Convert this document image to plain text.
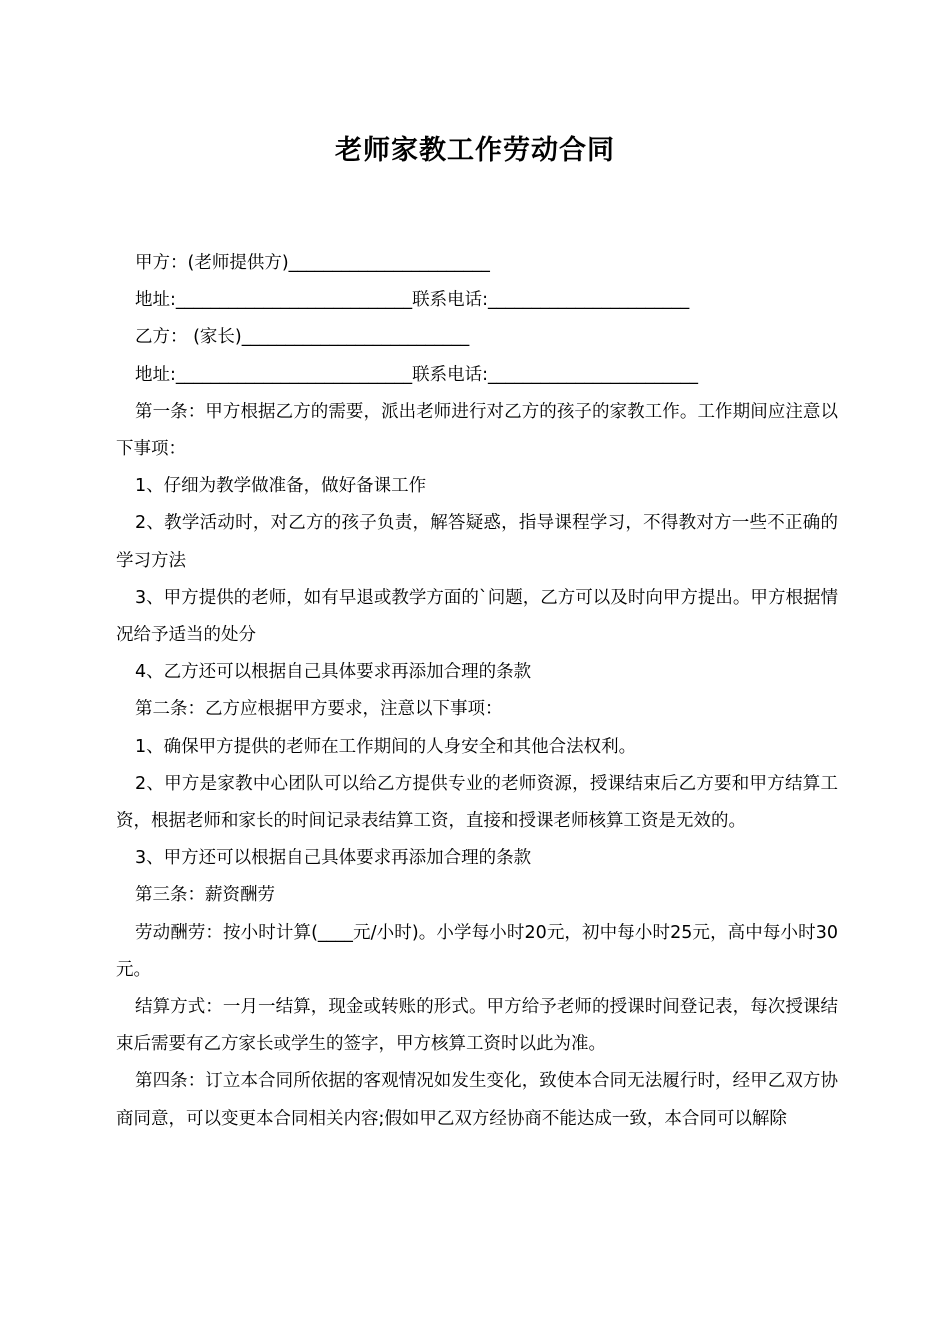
老师家教工作劳动合同

甲方：(老师提供方)_______________________

地址:___________________________联系电话:_______________________

乙方： (家长)__________________________

地址:___________________________联系电话:________________________

第一条：甲方根据乙方的需要，派出老师进行对乙方的孩子的家教工作。工作期间应注意以下事项：

1、仔细为教学做准备，做好备课工作

2、教学活动时，对乙方的孩子负责，解答疑惑，指导课程学习，不得教对方一些不正确的学习方法

3、甲方提供的老师，如有早退或教学方面的`问题，乙方可以及时向甲方提出。甲方根据情况给予适当的处分

4、乙方还可以根据自己具体要求再添加合理的条款

第二条：乙方应根据甲方要求，注意以下事项：

1、确保甲方提供的老师在工作期间的人身安全和其他合法权利。

2、甲方是家教中心团队可以给乙方提供专业的老师资源，授课结束后乙方要和甲方结算工资，根据老师和家长的时间记录表结算工资，直接和授课老师核算工资是无效的。

3、甲方还可以根据自己具体要求再添加合理的条款

第三条：薪资酬劳

劳动酬劳：按小时计算(____元/小时)。小学每小时20元，初中每小时25元，高中每小时30元。

结算方式：一月一结算，现金或转账的形式。甲方给予老师的授课时间登记表，每次授课结束后需要有乙方家长或学生的签字，甲方核算工资时以此为准。

第四条：订立本合同所依据的客观情况如发生变化，致使本合同无法履行时，经甲乙双方协商同意，可以变更本合同相关内容;假如甲乙双方经协商不能达成一致，本合同可以解除
